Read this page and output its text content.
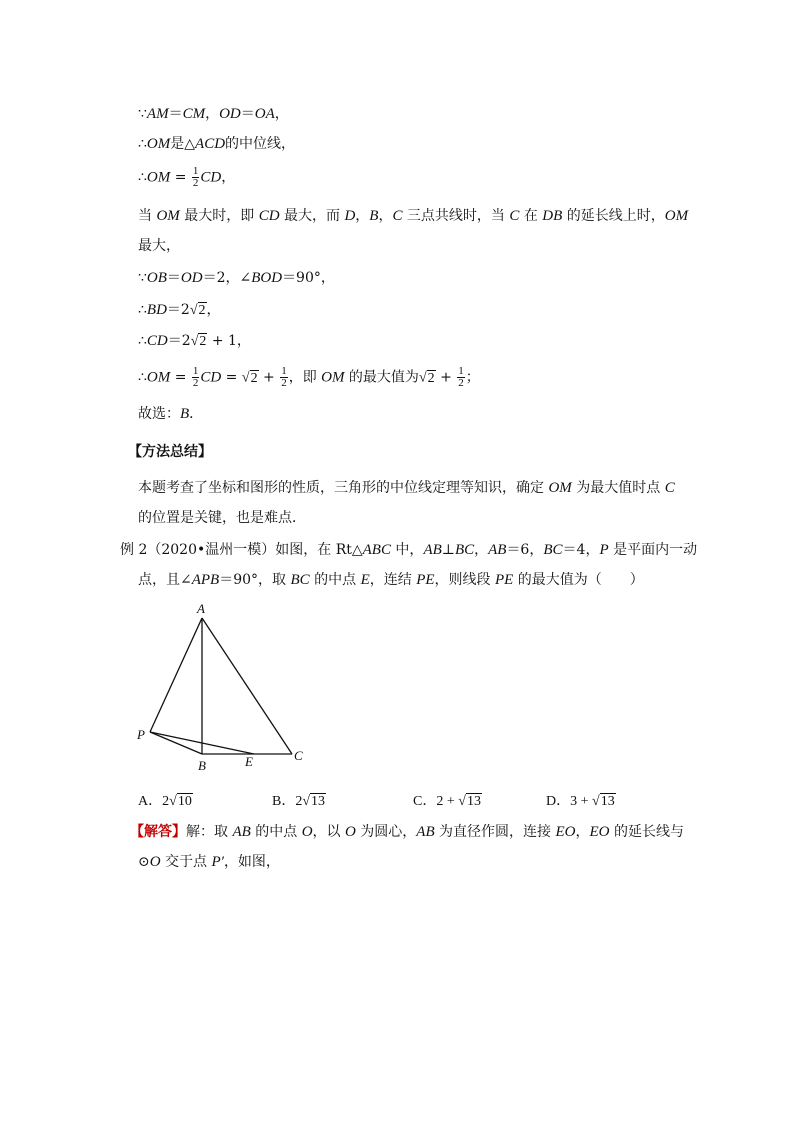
∵AM＝CM，OD＝OA，
∴OM是△ACD的中位线，
∴OM = $\frac{1}{2}$ CD，
当 OM 最大时，即 CD 最大，而 D，B，C 三点共线时，当 C 在 DB 的延长线上时，OM
最大，
∵OB＝OD＝2，∠BOD＝90°，
∴BD＝2√2，
∴CD＝2√2 + 1，
∴OM = $\frac{1}{2}$ CD = $√2 + \frac{1}{2}$ ，即 OM 的最大值为$√2 + \frac{1}{2}$ ；
故选：B．
【方法总结】
本题考查了坐标和图形的性质，三角形的中位线定理等知识，确定 OM 为最大值时点 C
的位置是关键，也是难点．
例 2（2020•温州一模）如图，在 Rt△ABC 中，AB⊥BC，AB＝6，BC＝4，P 是平面内一动
点，且∠APB＝90°，取 BC 的中点 E，连结 PE，则线段 PE 的最大值为（　　）
A
P
B	E	C
A．2√10	B．2√13	C．2 + √13	D．3 + √13
【解答】解：取 AB 的中点 O，以 O 为圆心，AB 为直径作圆，连接 EO，EO 的延长线与
⊙O 交于点 P′，如图，
